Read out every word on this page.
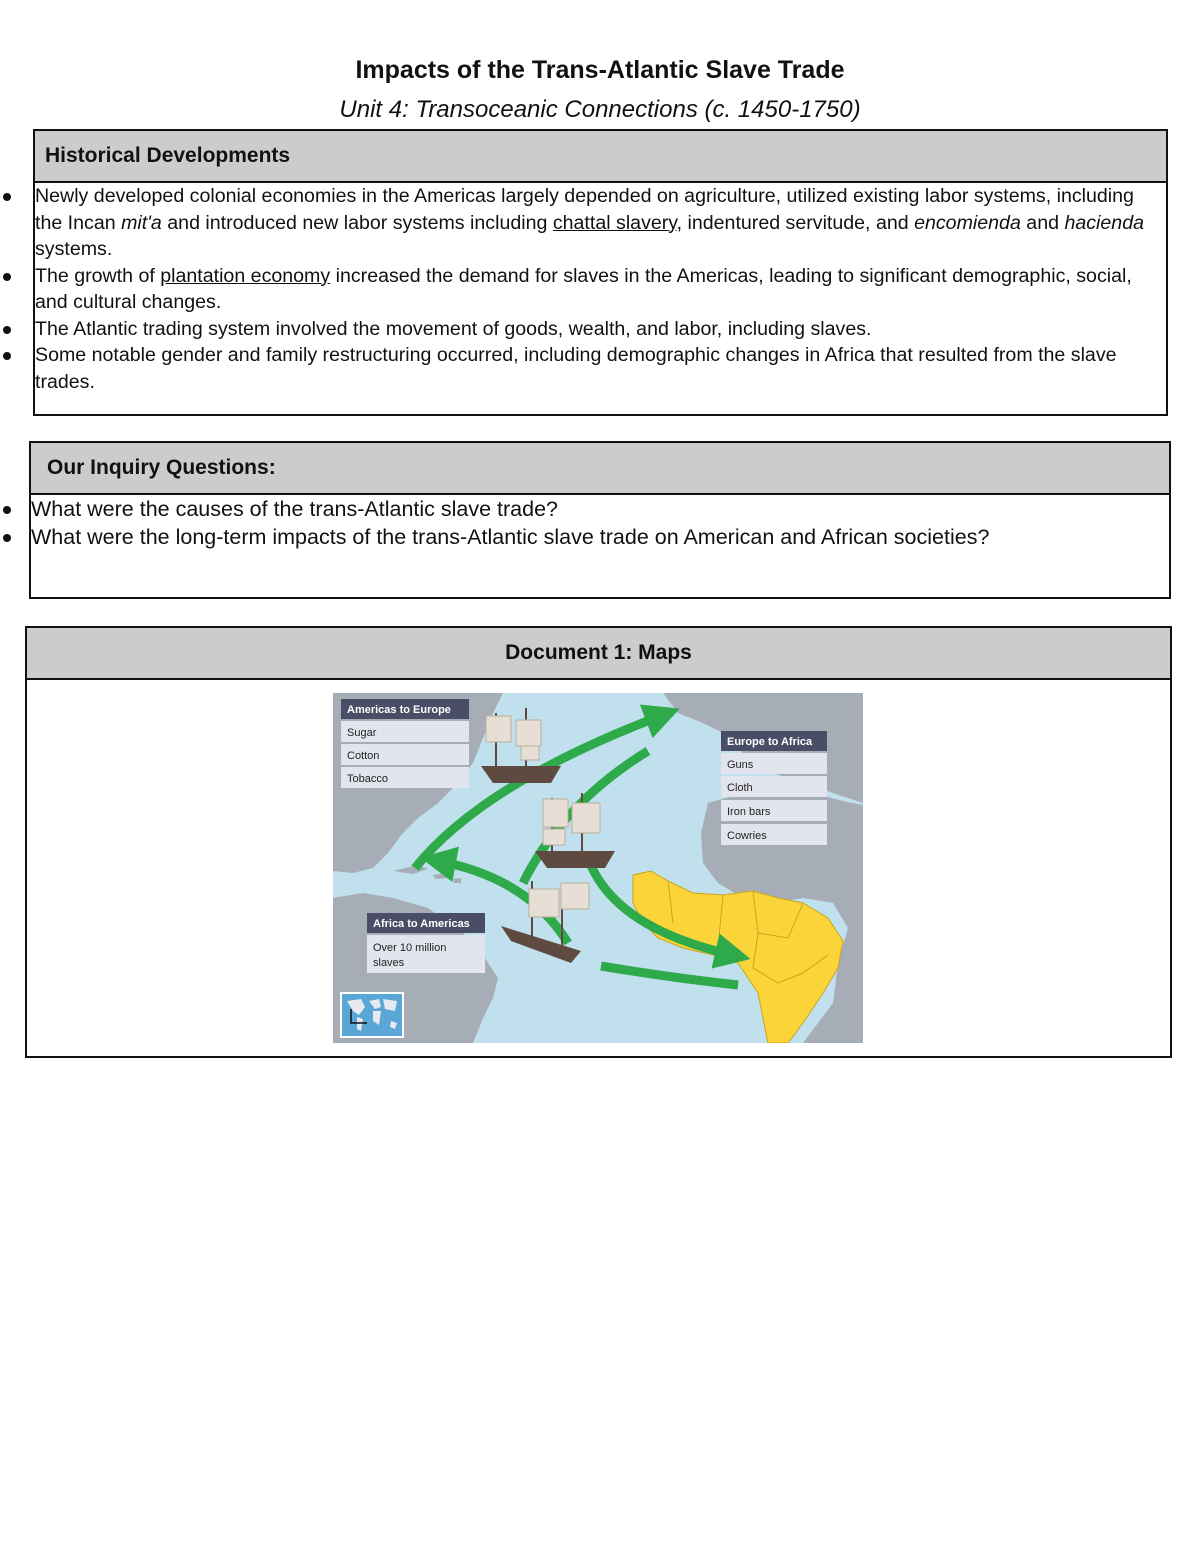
Impacts of the Trans-Atlantic Slave Trade
Unit 4: Transoceanic Connections (c. 1450-1750)
Historical Developments
Newly developed colonial economies in the Americas largely depended on agriculture, utilized existing labor systems, including the Incan mit'a and introduced new labor systems including chattal slavery, indentured servitude, and encomienda and hacienda systems.
The growth of plantation economy increased the demand for slaves in the Americas, leading to significant demographic, social, and cultural changes.
The Atlantic trading system involved the movement of goods, wealth, and labor, including slaves.
Some notable gender and family restructuring occurred, including demographic changes in Africa that resulted from the slave trades.
Our Inquiry Questions:
What were the causes of the trans-Atlantic slave trade?
What were the long-term impacts of the trans-Atlantic slave trade on American and African societies?
Document 1: Maps
Americas to Europe
Sugar
Cotton
Tobacco
Europe to Africa
Guns
Cloth
Iron bars
Cowries
Africa to Americas
Over 10 million
slaves
